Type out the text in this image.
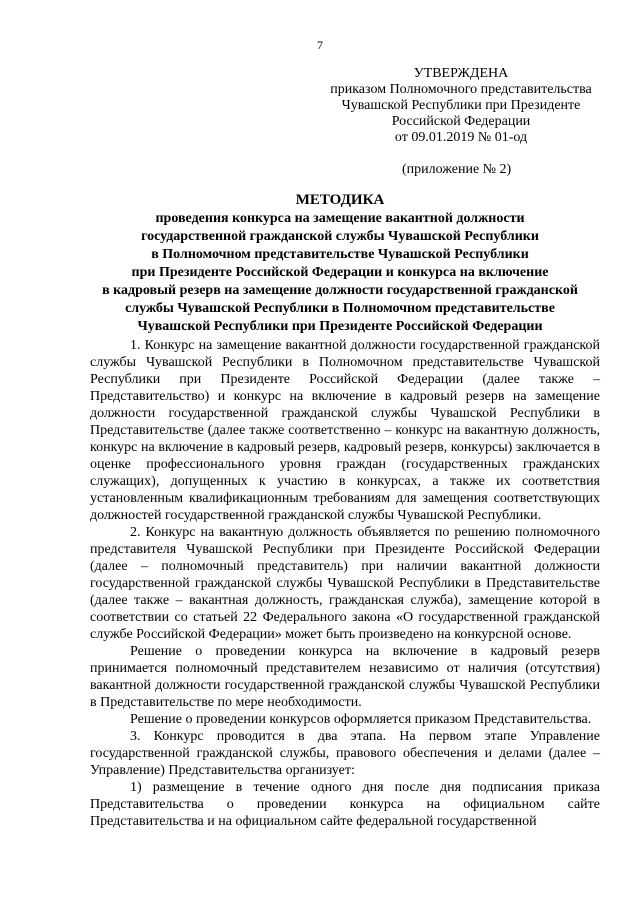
7
УТВЕРЖДЕНА
приказом Полномочного представительства
Чувашской Республики при Президенте
Российской Федерации
от 09.01.2019 № 01-од
(приложение № 2)
МЕТОДИКА
проведения конкурса на замещение вакантной должности
государственной гражданской службы Чувашской Республики
в Полномочном представительстве Чувашской Республики
при Президенте Российской Федерации и конкурса на включение
в кадровый резерв на замещение должности государственной гражданской
службы Чувашской Республики в Полномочном представительстве
Чувашской Республики при Президенте Российской Федерации

1. Конкурс на замещение вакантной должности государственной гражданской службы Чувашской Республики в Полномочном представительстве Чувашской Республики при Президенте Российской Федерации (далее также – Представительство) и конкурс на включение в кадровый резерв на замещение должности государственной гражданской службы Чувашской Республики в Представительстве (далее также соответственно – конкурс на вакантную должность, конкурс на включение в кадровый резерв, кадровый резерв, конкурсы) заключается в оценке профессионального уровня граждан (государственных гражданских служащих), допущенных к участию в конкурсах, а также их соответствия установленным квалификационным требованиям для замещения соответствующих должностей государственной гражданской службы Чувашской Республики.

2. Конкурс на вакантную должность объявляется по решению полномочного представителя Чувашской Республики при Президенте Российской Федерации (далее – полномочный представитель) при наличии вакантной должности государственной гражданской службы Чувашской Республики в Представительстве (далее также – вакантная должность, гражданская служба), замещение которой в соответствии со статьей 22 Федерального закона «О государственной гражданской службе Российской Федерации» может быть произведено на конкурсной основе.

Решение о проведении конкурса на включение в кадровый резерв принимается полномочный представителем независимо от наличия (отсутствия) вакантной должности государственной гражданской службы Чувашской Республики в Представительстве по мере необходимости.

Решение о проведении конкурсов оформляется приказом Представительства.

3. Конкурс проводится в два этапа. На первом этапе Управление государственной гражданской службы, правового обеспечения и делами (далее – Управление) Представительства организует:

1) размещение в течение одного дня после дня подписания приказа Представительства о проведении конкурса на официальном сайте Представительства и на официальном сайте федеральной государственной
